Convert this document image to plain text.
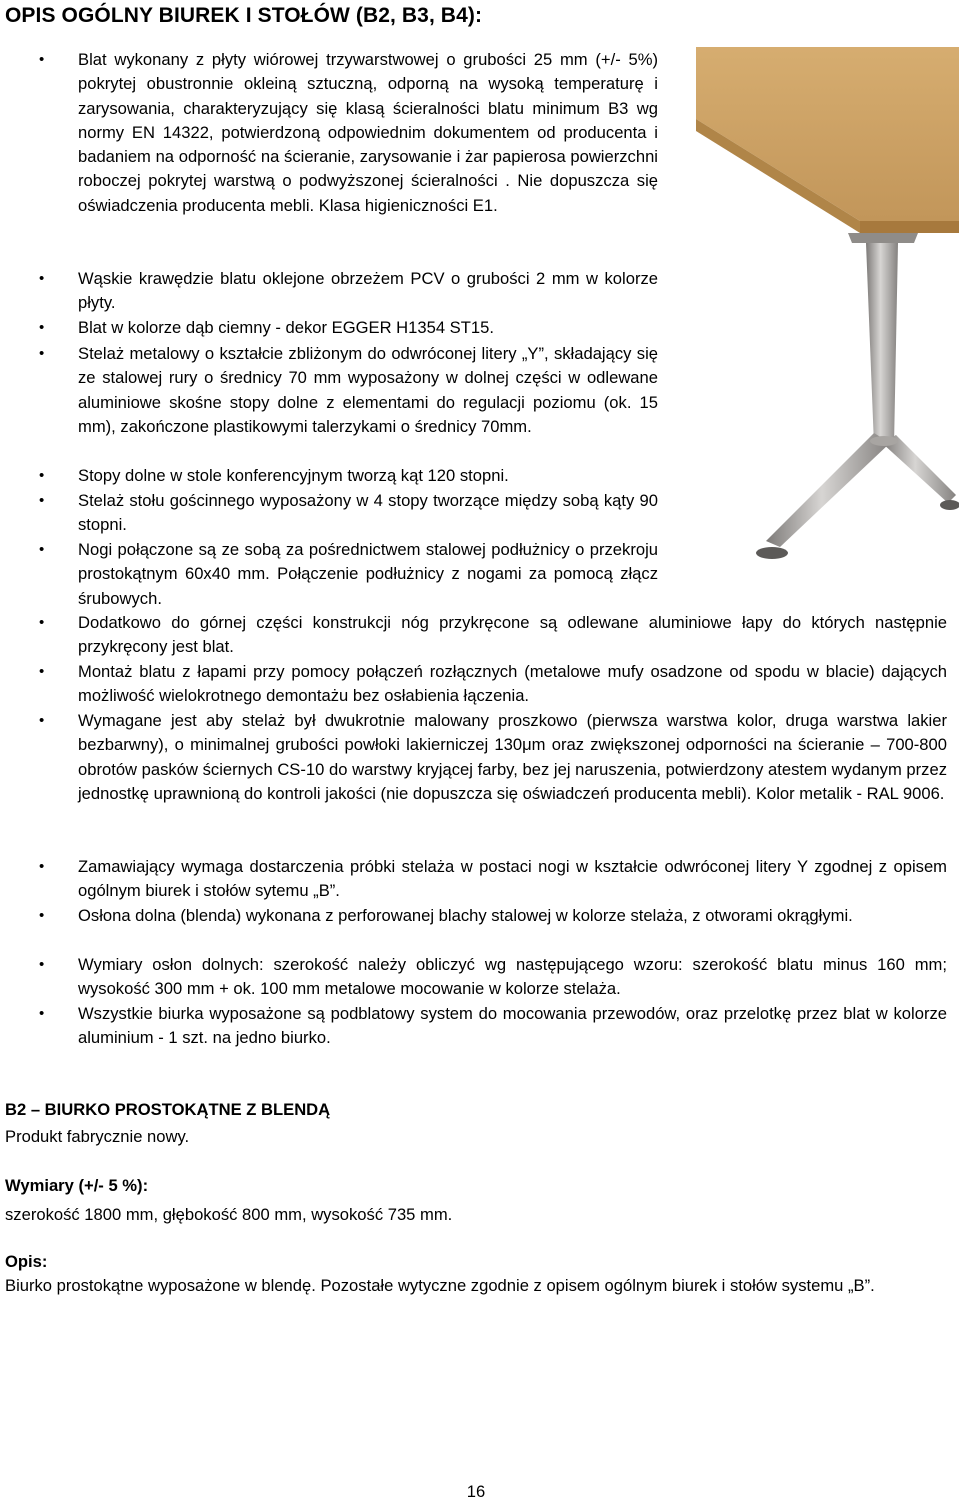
OPIS OGÓLNY BIUREK I STOŁÓW (B2, B3, B4):
• Blat wykonany z płyty wiórowej trzywarstwowej o grubości 25 mm (+/- 5%) pokrytej obustronnie okleiną sztuczną, odporną na wysoką temperaturę i zarysowania, charakteryzujący się klasą ścieralności blatu minimum B3 wg normy EN 14322, potwierdzoną odpowiednim dokumentem od producenta i badaniem na odporność na ścieranie, zarysowanie i żar papierosa powierzchni roboczej pokrytej warstwą o podwyższonej ścieralności . Nie dopuszcza się oświadczenia producenta mebli. Klasa higieniczności E1.
• Wąskie krawędzie blatu oklejone obrzeżem PCV o grubości 2 mm w kolorze płyty.
• Blat w kolorze dąb ciemny - dekor EGGER H1354 ST15.
• Stelaż metalowy o kształcie zbliżonym do odwróconej litery „Y”, składający się ze stalowej rury o średnicy 70 mm wyposażony w dolnej części w odlewane aluminiowe skośne stopy dolne z elementami do regulacji poziomu (ok. 15 mm), zakończone plastikowymi talerzykami o średnicy 70mm.
• Stopy dolne w stole konferencyjnym tworzą kąt 120 stopni.
• Stelaż stołu gościnnego wyposażony w 4 stopy tworzące między sobą kąty 90 stopni.
• Nogi połączone są ze sobą za pośrednictwem stalowej podłużnicy o przekroju prostokątnym 60x40 mm. Połączenie podłużnicy z nogami za pomocą złącz śrubowych.
• Dodatkowo do górnej części konstrukcji nóg przykręcone są odlewane aluminiowe łapy do których następnie przykręcony jest blat.
• Montaż blatu z łapami przy pomocy połączeń rozłącznych (metalowe mufy osadzone od spodu w blacie) dających możliwość wielokrotnego demontażu bez osłabienia łączenia.
• Wymagane jest aby stelaż był dwukrotnie malowany proszkowo (pierwsza warstwa kolor, druga warstwa lakier bezbarwny), o minimalnej grubości powłoki lakierniczej 130μm oraz zwiększonej odporności na ścieranie – 700-800 obrotów pasków ściernych CS-10 do warstwy kryjącej farby, bez jej naruszenia, potwierdzony atestem wydanym przez jednostkę uprawnioną do kontroli jakości (nie dopuszcza się oświadczeń producenta mebli). Kolor metalik - RAL 9006.
• Zamawiający wymaga dostarczenia próbki stelaża w postaci nogi w kształcie odwróconej litery Y zgodnej z opisem ogólnym biurek i stołów sytemu „B”.
• Osłona dolna (blenda) wykonana z perforowanej blachy stalowej w kolorze stelaża, z otworami okrągłymi.
• Wymiary osłon dolnych: szerokość należy obliczyć wg następującego wzoru: szerokość blatu minus 160 mm; wysokość 300 mm + ok. 100 mm metalowe mocowanie w kolorze stelaża.
• Wszystkie biurka wyposażone są podblatowy system do mocowania przewodów, oraz przelotkę przez blat w kolorze aluminium - 1 szt. na jedno biurko.
B2 – BIURKO PROSTOKĄTNE Z BLENDĄ
Produkt fabrycznie nowy.
Wymiary (+/- 5 %):
szerokość 1800 mm, głębokość 800 mm, wysokość 735 mm.
Opis:
Biurko prostokątne wyposażone w blendę. Pozostałe wytyczne zgodnie z opisem ogólnym biurek i stołów systemu „B”.
16
